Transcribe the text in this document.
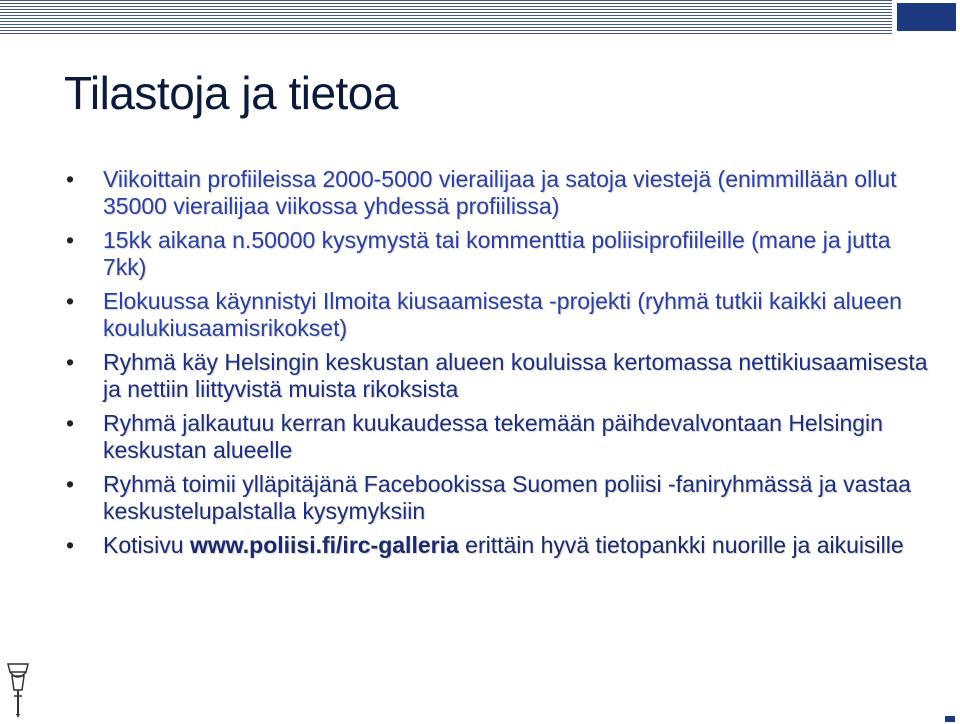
Tilastoja ja tietoa
• Viikoittain profiileissa 2000-5000 vierailijaa ja satoja viestejä (enimmillään ollut 35000 vierailijaa viikossa yhdessä profiilissa)
• 15kk aikana n.50000 kysymystä tai kommenttia poliisiprofiileille (mane ja jutta 7kk)
• Elokuussa käynnistyi Ilmoita kiusaamisesta -projekti (ryhmä tutkii kaikki alueen koulukiusaamisrikokset)
• Ryhmä käy Helsingin keskustan alueen kouluissa kertomassa nettikiusaamisesta ja nettiin liittyvistä muista rikoksista
• Ryhmä jalkautuu kerran kuukaudessa tekemään päihdevalvontaan Helsingin keskustan alueelle
• Ryhmä toimii ylläpitäjänä Facebookissa Suomen poliisi -faniryhmässä ja vastaa keskustelupalstalla kysymyksiin
• Kotisivu www.poliisi.fi/irc-galleria erittäin hyvä tietopankki nuorille ja aikuisille
